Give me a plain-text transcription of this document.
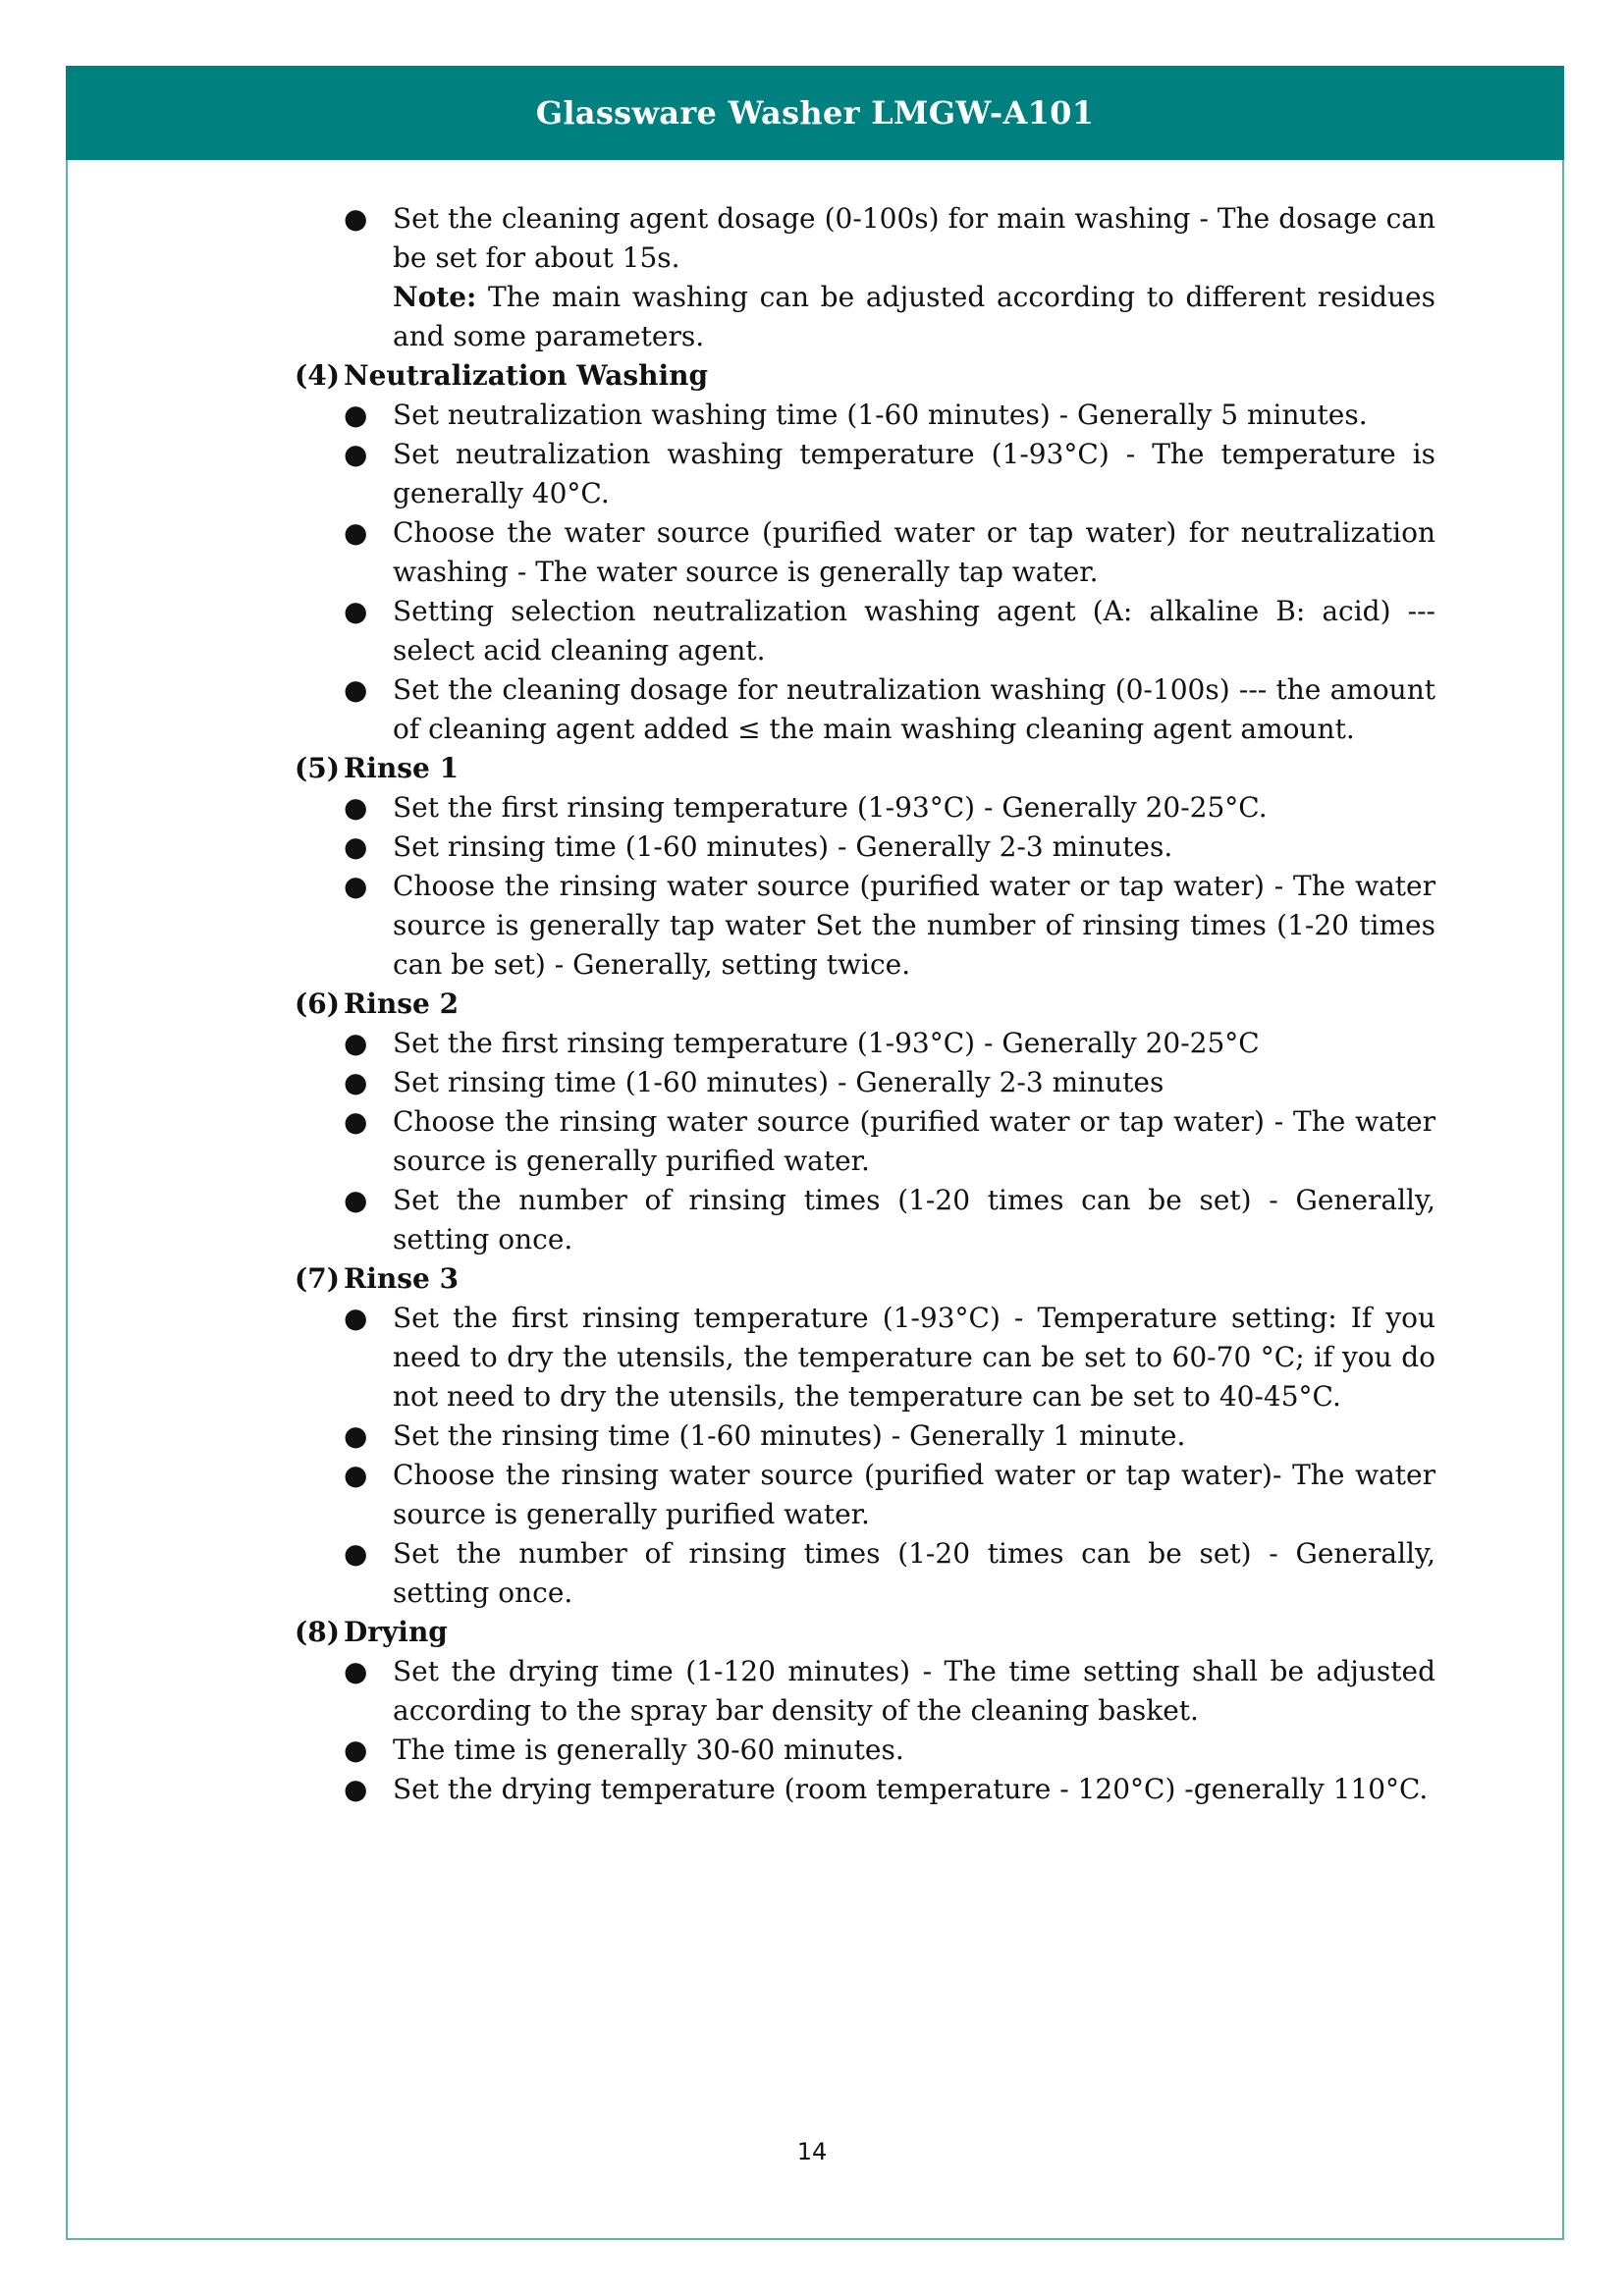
Glassware Washer LMGW-A101
● Set the cleaning agent dosage (0-100s) for main washing - The dosage can be set for about 15s.

Note: The main washing can be adjusted according to different residues and some parameters.

(4) Neutralization Washing
● Set neutralization washing time (1-60 minutes) - Generally 5 minutes.
● Set neutralization washing temperature (1-93°C) - The temperature is generally 40°C.
● Choose the water source (purified water or tap water) for neutralization washing - The water source is generally tap water.
● Setting selection neutralization washing agent (A: alkaline B: acid) --- select acid cleaning agent.
● Set the cleaning dosage for neutralization washing (0-100s) --- the amount of cleaning agent added ≤ the main washing cleaning agent amount.
(5) Rinse 1
● Set the first rinsing temperature (1-93°C) - Generally 20-25°C.
● Set rinsing time (1-60 minutes) - Generally 2-3 minutes.
● Choose the rinsing water source (purified water or tap water) - The water source is generally tap water Set the number of rinsing times (1-20 times can be set) - Generally, setting twice.
(6) Rinse 2
● Set the first rinsing temperature (1-93°C) - Generally 20-25°C
● Set rinsing time (1-60 minutes) - Generally 2-3 minutes
● Choose the rinsing water source (purified water or tap water) - The water source is generally purified water.
● Set the number of rinsing times (1-20 times can be set) - Generally, setting once.
(7) Rinse 3
● Set the first rinsing temperature (1-93°C) - Temperature setting: If you need to dry the utensils, the temperature can be set to 60-70 °C; if you do not need to dry the utensils, the temperature can be set to 40-45°C.
● Set the rinsing time (1-60 minutes) - Generally 1 minute.
● Choose the rinsing water source (purified water or tap water)- The water source is generally purified water.
● Set the number of rinsing times (1-20 times can be set) - Generally, setting once.
(8) Drying
● Set the drying time (1-120 minutes) - The time setting shall be adjusted according to the spray bar density of the cleaning basket.
● The time is generally 30-60 minutes.
● Set the drying temperature (room temperature - 120°C) -generally 110°C.
14
